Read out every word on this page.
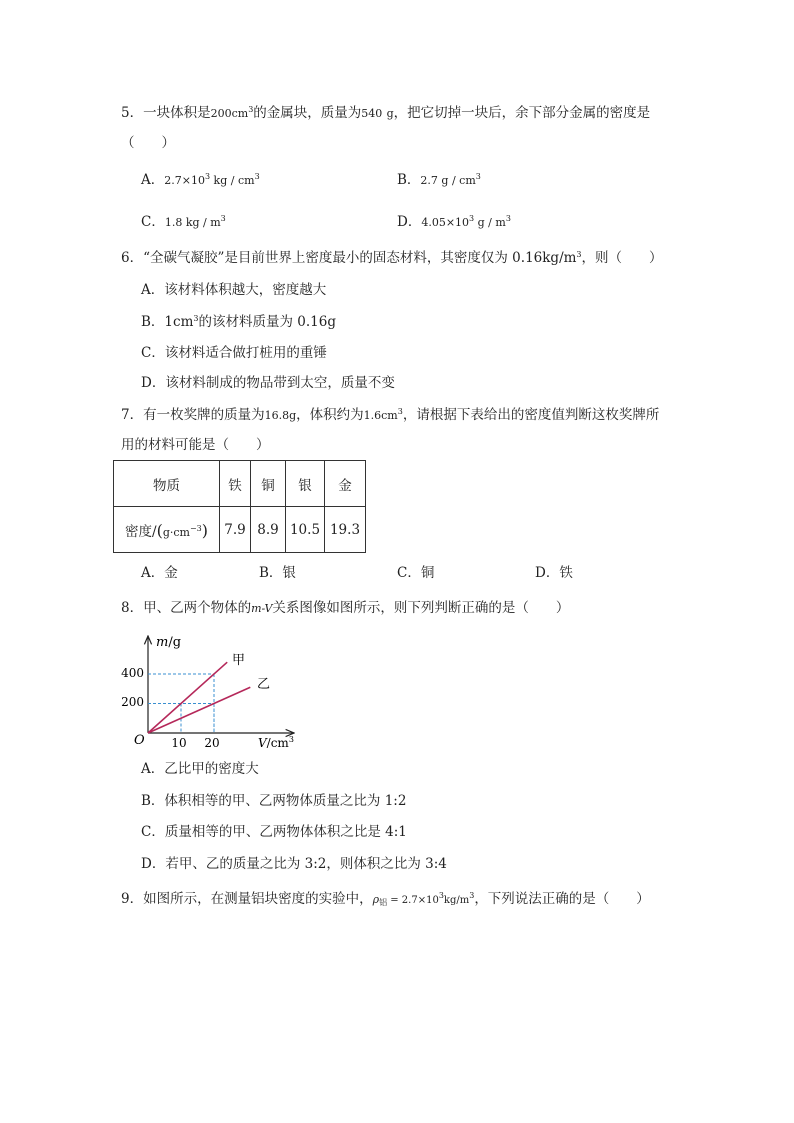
5．一块体积是$200cm^3$的金属块，质量为540 g，把它切掉一块后，余下部分金属的密度是
（　　）
A．$2.7\times 10^3$ kg / $cm^3$	B．2.7 g / $cm^3$
C．1.8 kg / $m^3$	D．$4.05\times 10^3$ g / $m^3$
6．“全碳气凝胶”是目前世界上密度最小的固态材料，其密度仅为 $0.16kg/m^3$，则（　　）
A．该材料体积越大，密度越大
B．$1cm^3$的该材料质量为 0.16g
C．该材料适合做打桩用的重锤
D．该材料制成的物品带到太空，质量不变
7．有一枚奖牌的质量为16.8g，体积约为$1.6cm^3$，请根据下表给出的密度值判断这枚奖牌所
用的材料可能是（　　）
物质	铁	铜	银	金
密度$/(g\cdot cm^{-3})$	7.9	8.9	10.5	19.3
A．金	B．银	C．铜	D．铁
8．甲、乙两个物体的m-V关系图像如图所示，则下列判断正确的是（　　）
m/g
$V/cm^3$
O
400
200
10 20
甲
乙
A．乙比甲的密度大
B．体积相等的甲、乙两物体质量之比为 1:2
C．质量相等的甲、乙两物体体积之比是 4:1
D．若甲、乙的质量之比为 3:2，则体积之比为 3:4
9．如图所示，在测量铝块密度的实验中，$\rho_铝 = 2.7\times 10^3kg/m^3$，下列说法正确的是（　　）
